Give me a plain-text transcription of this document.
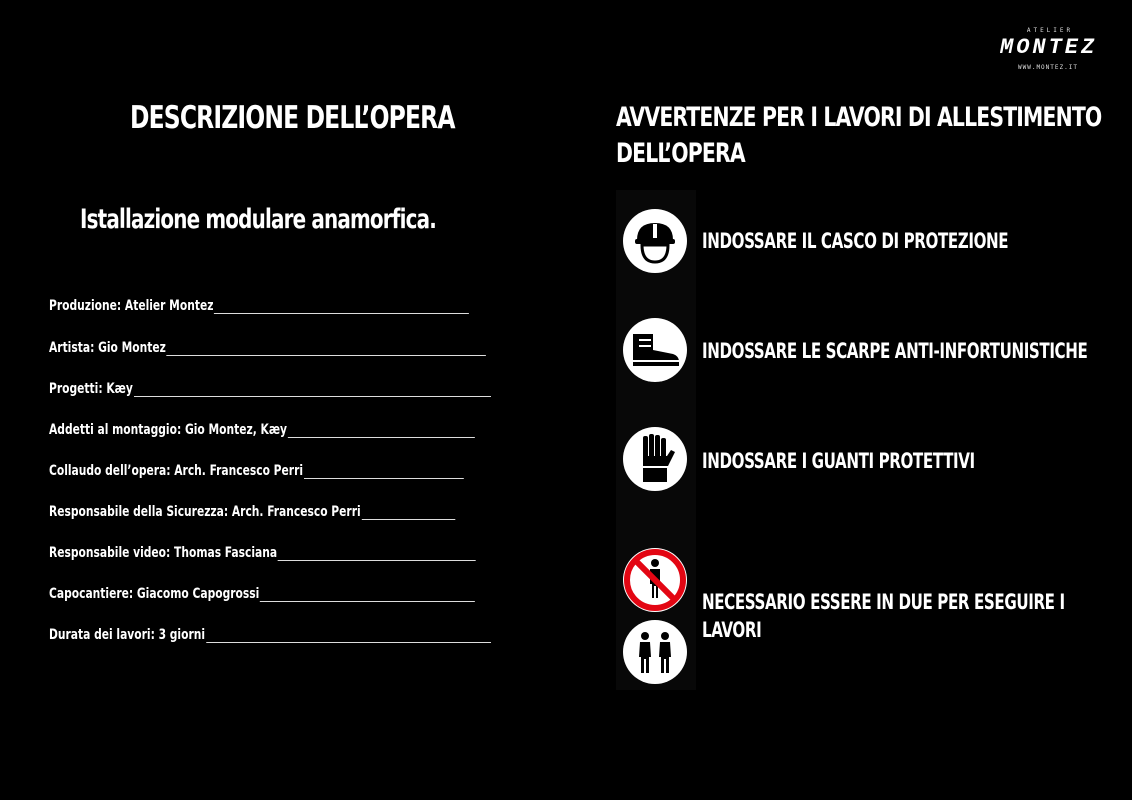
ATELIER
MONTEZ
WWW.MONTEZ.IT
DESCRIZIONE DELL’OPERA
Istallazione modulare anamorfica.
Produzione: Atelier Montez
Artista: Gio Montez
Progetti: Kæy
Addetti al montaggio: Gio Montez, Kæy
Collaudo dell’opera: Arch. Francesco Perri
Responsabile della Sicurezza: Arch. Francesco Perri
Responsabile video: Thomas Fasciana
Capocantiere: Giacomo Capogrossi
Durata dei lavori: 3 giorni
AVVERTENZE PER I LAVORI DI ALLESTIMENTO
DELL’OPERA
INDOSSARE IL CASCO DI PROTEZIONE
INDOSSARE LE SCARPE ANTI-INFORTUNISTICHE
INDOSSARE I GUANTI PROTETTIVI
NECESSARIO ESSERE IN DUE PER ESEGUIRE I
LAVORI
